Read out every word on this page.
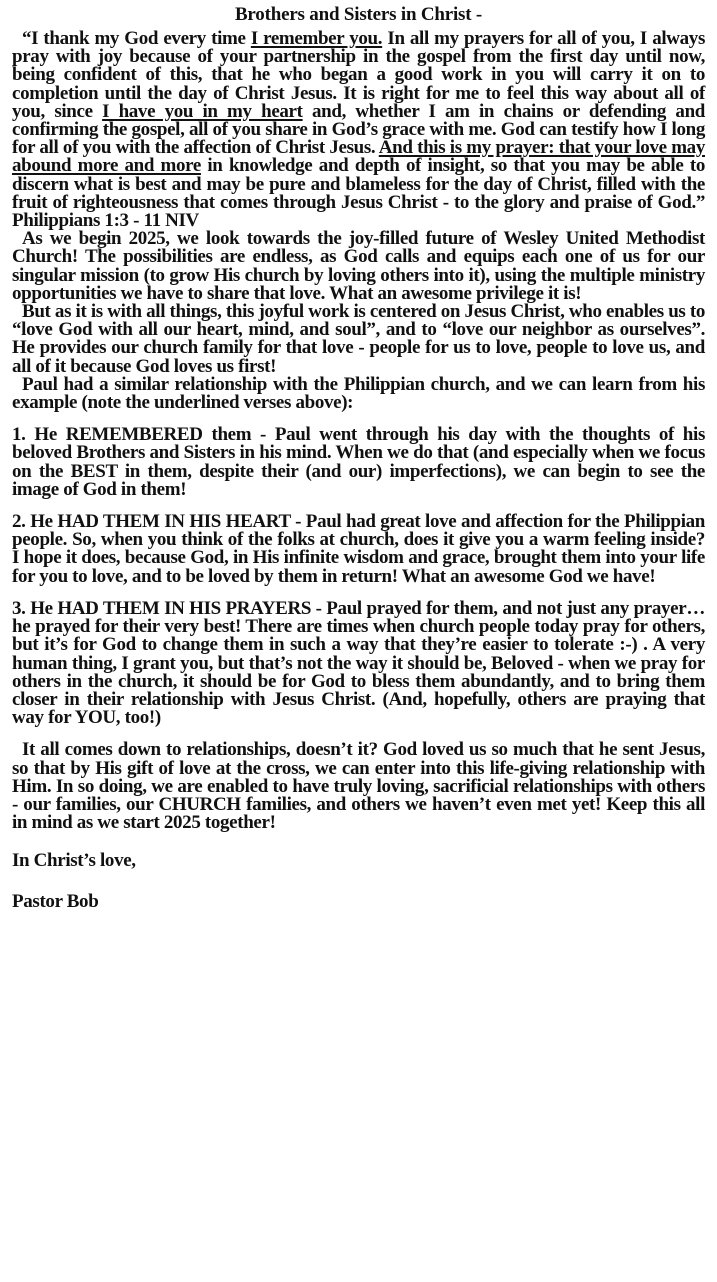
Brothers and Sisters in Christ -

“I thank my God every time I remember you. In all my prayers for all of you, I always pray with joy because of your partnership in the gospel from the first day until now, being confident of this, that he who began a good work in you will carry it on to completion until the day of Christ Jesus. It is right for me to feel this way about all of you, since I have you in my heart and, whether I am in chains or defending and confirming the gospel, all of you share in God’s grace with me. God can testify how I long for all of you with the affection of Christ Jesus. And this is my prayer: that your love may abound more and more in knowledge and depth of insight, so that you may be able to discern what is best and may be pure and blameless for the day of Christ, filled with the fruit of righteousness that comes through Jesus Christ - to the glory and praise of God.” Philippians 1:3 - 11 NIV

As we begin 2025, we look towards the joy-filled future of Wesley United Methodist Church! The possibilities are endless, as God calls and equips each one of us for our singular mission (to grow His church by loving others into it), using the multiple ministry opportunities we have to share that love. What an awesome privilege it is!

But as it is with all things, this joyful work is centered on Jesus Christ, who enables us to “love God with all our heart, mind, and soul”, and to “love our neighbor as ourselves”. He provides our church family for that love - people for us to love, people to love us, and all of it because God loves us first!

Paul had a similar relationship with the Philippian church, and we can learn from his example (note the underlined verses above):

1. He REMEMBERED them - Paul went through his day with the thoughts of his beloved Brothers and Sisters in his mind. When we do that (and especially when we focus on the BEST in them, despite their (and our) imperfections), we can begin to see the image of God in them!

2. He HAD THEM IN HIS HEART - Paul had great love and affection for the Philippian people. So, when you think of the folks at church, does it give you a warm feeling inside? I hope it does, because God, in His infinite wisdom and grace, brought them into your life for you to love, and to be loved by them in return! What an awesome God we have!

3. He HAD THEM IN HIS PRAYERS - Paul prayed for them, and not just any prayer…he prayed for their very best! There are times when church people today pray for others, but it’s for God to change them in such a way that they’re easier to tolerate :-) . A very human thing, I grant you, but that’s not the way it should be, Beloved - when we pray for others in the church, it should be for God to bless them abundantly, and to bring them closer in their relationship with Jesus Christ. (And, hopefully, others are praying that way for YOU, too!)

It all comes down to relationships, doesn’t it? God loved us so much that he sent Jesus, so that by His gift of love at the cross, we can enter into this life-giving relationship with Him. In so doing, we are enabled to have truly loving, sacrificial relationships with others - our families, our CHURCH families, and others we haven’t even met yet! Keep this all in mind as we start 2025 together!

In Christ’s love,

Pastor Bob
